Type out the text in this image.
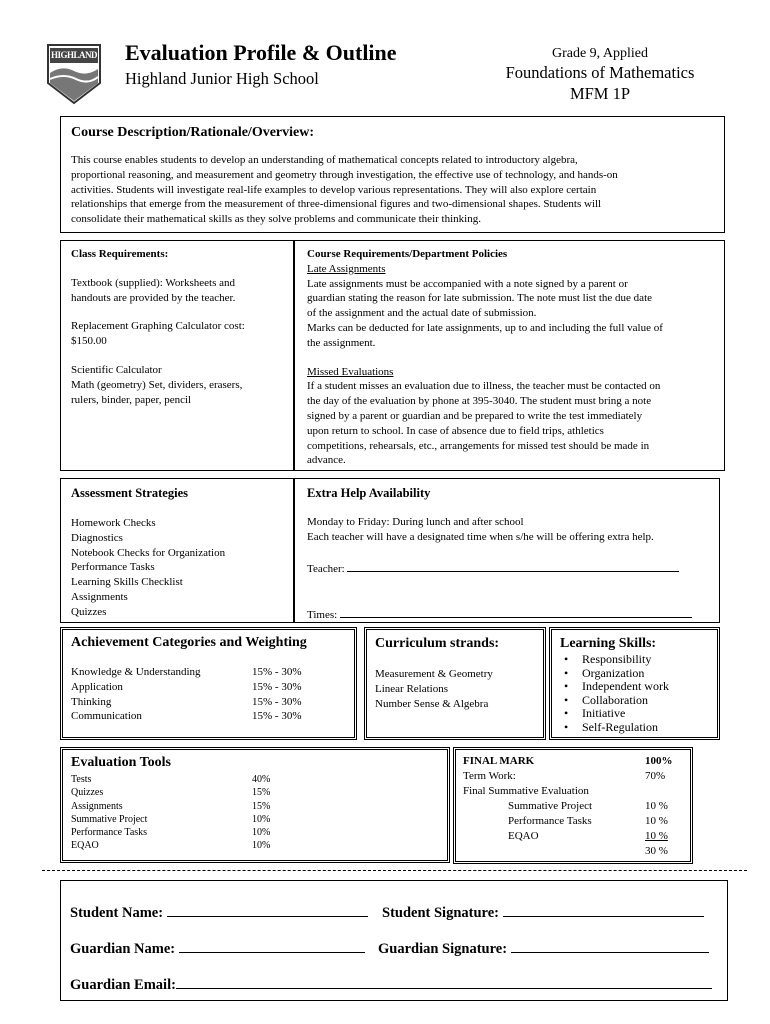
HIGHLAND Evaluation Profile & Outline
Highland Junior High School
Grade 9, Applied
Foundations of Mathematics
MFM 1P
Course Description/Rationale/Overview:
This course enables students to develop an understanding of mathematical concepts related to introductory algebra,
proportional reasoning, and measurement and geometry through investigation, the effective use of technology, and hands-on
activities. Students will investigate real-life examples to develop various representations. They will also explore certain
relationships that emerge from the measurement of three-dimensional figures and two-dimensional shapes. Students will
consolidate their mathematical skills as they solve problems and communicate their thinking.
Class Requirements:
Textbook (supplied): Worksheets and
handouts are provided by the teacher.
Replacement Graphing Calculator cost:
$150.00
Scientific Calculator
Math (geometry) Set, dividers, erasers,
rulers, binder, paper, pencil
Course Requirements/Department Policies
Late Assignments
Late assignments must be accompanied with a note signed by a parent or
guardian stating the reason for late submission. The note must list the due date
of the assignment and the actual date of submission.
Marks can be deducted for late assignments, up to and including the full value of
the assignment.
Missed Evaluations
If a student misses an evaluation due to illness, the teacher must be contacted on
the day of the evaluation by phone at 395-3040. The student must bring a note
signed by a parent or guardian and be prepared to write the test immediately
upon return to school. In case of absence due to field trips, athletics
competitions, rehearsals, etc., arrangements for missed test should be made in
advance.
Assessment Strategies
Homework Checks
Diagnostics
Notebook Checks for Organization
Performance Tasks
Learning Skills Checklist
Assignments
Quizzes
Extra Help Availability
Monday to Friday: During lunch and after school
Each teacher will have a designated time when s/he will be offering extra help.
Teacher:
Times:
Achievement Categories and Weighting
Knowledge & Understanding	15% - 30%
Application	15% - 30%
Thinking	15% - 30%
Communication	15% - 30%
Curriculum strands:
Measurement & Geometry
Linear Relations
Number Sense & Algebra
Learning Skills:
• Responsibility
• Organization
• Independent work
• Collaboration
• Initiative
• Self-Regulation
Evaluation Tools
Tests	40%
Quizzes	15%
Assignments	15%
Summative Project	10%
Performance Tasks	10%
EQAO	10%
FINAL MARK	100%
Term Work:	70%
Final Summative Evaluation
Summative Project	10 %
Performance Tasks	10 %
EQAO	10 %
30 %
Student Name:	Student Signature:
Guardian Name:	Guardian Signature:
Guardian Email:
